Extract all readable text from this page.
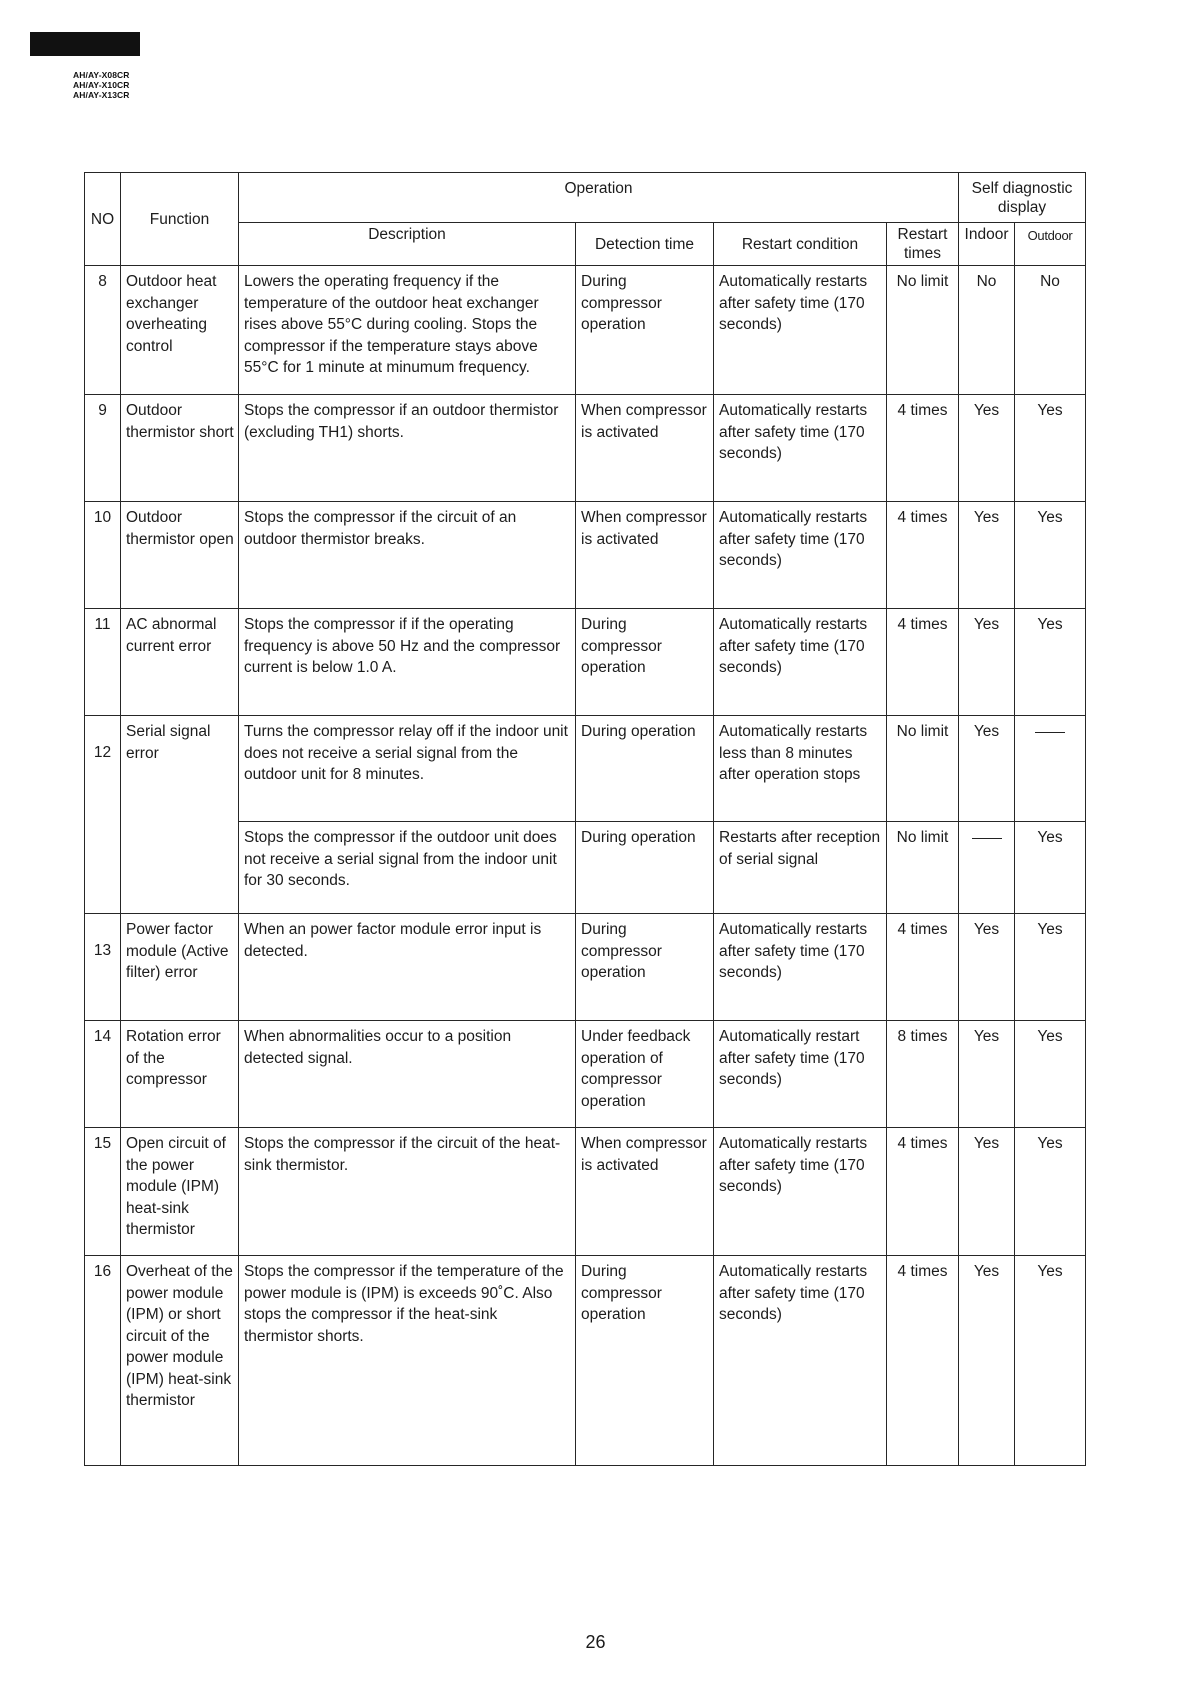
AH/AY-X08CR
AH/AY-X10CR
AH/AY-X13CR
NO	Function	Operation				Self diagnostic display	
		Description	Detection time	Restart condition	Restart times	Indoor	Outdoor
8	Outdoor heat exchanger overheating control	Lowers the operating frequency if the temperature of the outdoor heat exchanger rises above 55°C during cooling. Stops the compressor if the temperature stays above 55°C for 1 minute at minumum frequency.	During compressor operation	Automatically restarts after safety time (170 seconds)	No limit	No	No
9	Outdoor thermistor short	Stops the compressor if an outdoor thermistor (excluding TH1) shorts.	When compressor is activated	Automatically restarts after safety time (170 seconds)	4 times	Yes	Yes
10	Outdoor thermistor open	Stops the compressor if the circuit of an outdoor thermistor breaks.	When compressor is activated	Automatically restarts after safety time (170 seconds)	4 times	Yes	Yes
11	AC abnormal current error	Stops the compressor if if the operating frequency is above 50 Hz and the compressor current is below 1.0 A.	During compressor operation	Automatically restarts after safety time (170 seconds)	4 times	Yes	Yes
12	Serial signal error	Turns the compressor relay off if the indoor unit does not receive a serial signal from the outdoor unit for 8 minutes.	During operation	Automatically restarts less than 8 minutes after operation stops	No limit	Yes	
		Stops the compressor if the outdoor unit does not receive a serial signal from the indoor unit for 30 seconds.	During operation	Restarts after reception of serial signal	No limit		Yes
13	Power factor module (Active filter) error	When an power factor module error input is detected.	During compressor operation	Automatically restarts after safety time (170 seconds)	4 times	Yes	Yes
14	Rotation error of the compressor	When abnormalities occur to a position detected signal.	Under feedback operation of compressor operation	Automatically restart after safety time (170 seconds)	8 times	Yes	Yes
15	Open circuit of the power module (IPM) heat-sink thermistor	Stops the compressor if the circuit of the heat-sink thermistor.	When compressor is activated	Automatically restarts after safety time (170 seconds)	4 times	Yes	Yes
16	Overheat of the power module (IPM) or short circuit of the power module (IPM) heat-sink thermistor	Stops the compressor if the temperature of the power module is (IPM) is exceeds 90˚C. Also stops the compressor if the heat-sink thermistor shorts.	During compressor operation	Automatically restarts after safety time (170 seconds)	4 times	Yes	Yes
26
